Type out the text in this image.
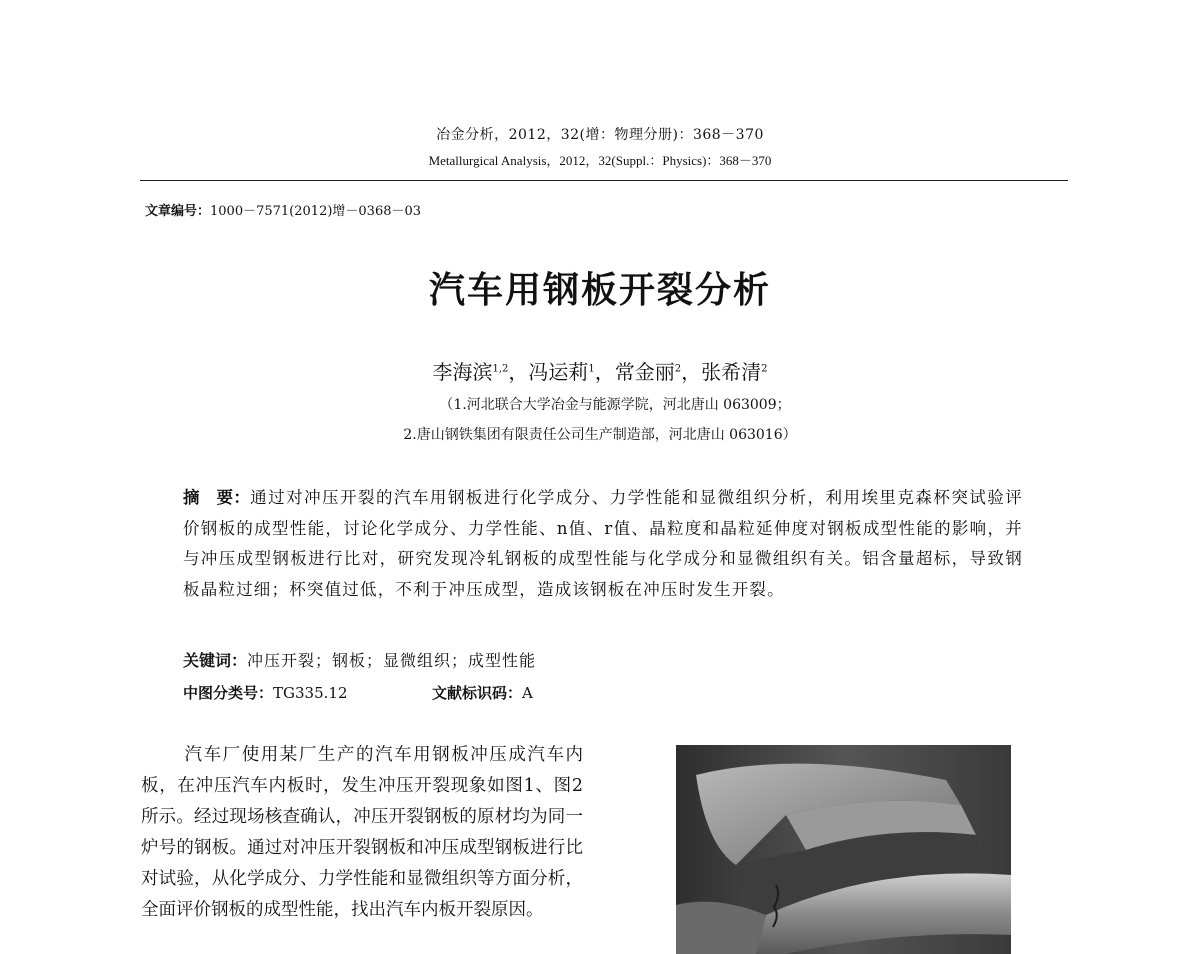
冶金分析，2012，32(增：物理分册)：368－370
Metallurgical Analysis，2012，32(Suppl.：Physics)：368－370
文章编号：1000－7571(2012)增－0368－03
汽车用钢板开裂分析
李海滨$^{1,2}$，冯运莉$^1$，常金丽$^2$，张希清$^2$
（1.河北联合大学冶金与能源学院，河北唐山 063009；
2.唐山钢铁集团有限责任公司生产制造部，河北唐山 063016）
摘　要：通过对冲压开裂的汽车用钢板进行化学成分、力学性能和显微组织分析，利用埃里克森杯突试验评价钢板的成型性能，讨论化学成分、力学性能、n值、r值、晶粒度和晶粒延伸度对钢板成型性能的影响，并与冲压成型钢板进行比对，研究发现冷轧钢板的成型性能与化学成分和显微组织有关。铝含量超标，导致钢板晶粒过细；杯突值过低，不利于冲压成型，造成该钢板在冲压时发生开裂。
关键词：冲压开裂；钢板；显微组织；成型性能
中图分类号：TG335.12	文献标识码：A
汽车厂使用某厂生产的汽车用钢板冲压成汽车内板，在冲压汽车内板时，发生冲压开裂现象如图1、图2所示。经过现场核查确认，冲压开裂钢板的原材均为同一炉号的钢板。通过对冲压开裂钢板和冲压成型钢板进行比对试验，从化学成分、力学性能和显微组织等方面分析，全面评价钢板的成型性能，找出汽车内板开裂原因。
